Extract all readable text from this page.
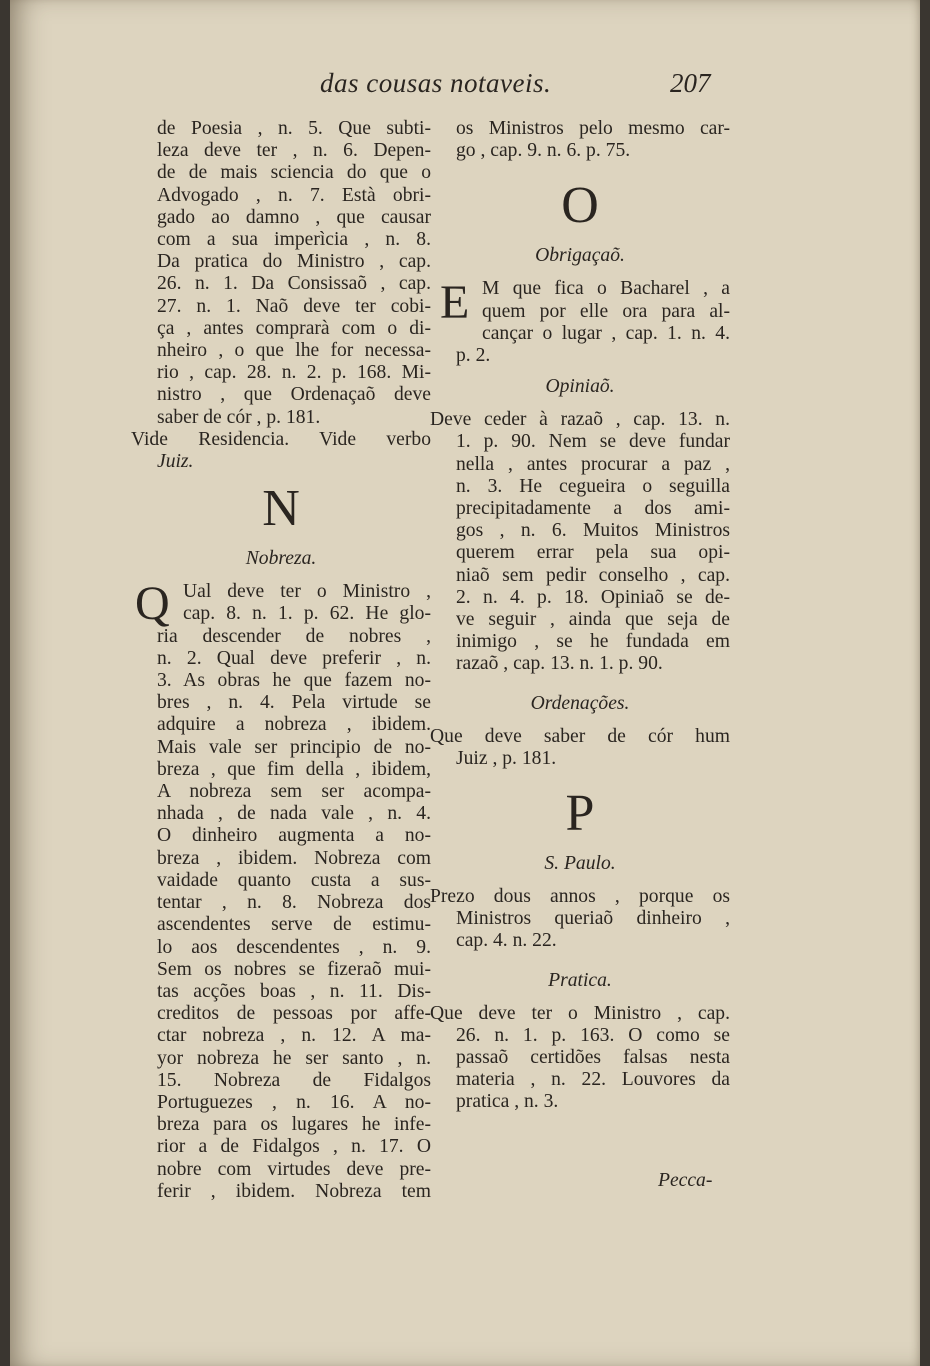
das cousas notaveis.	207
de Poesia , n. 5. Que subti-
leza deve ter , n. 6. Depen-
de de mais sciencia do que o
Advogado , n. 7. Està obri-
gado ao damno , que causar
com a sua imperìcia , n. 8.
Da pratica do Ministro , cap.
26. n. 1. Da Consissaõ , cap.
27. n. 1. Naõ deve ter cobi-
ça , antes comprarà com o di-
nheiro , o que lhe for necessa-
rio , cap. 28. n. 2. p. 168. Mi-
nistro , que Ordenaçaõ deve
saber de cór , p. 181.
Vide Residencia. Vide verbo
Juiz.
N
Nobreza.
Q Ual deve ter o Ministro ,
cap. 8. n. 1. p. 62. He glo-
ria descender de nobres ,
n. 2. Qual deve preferir , n.
3. As obras he que fazem no-
bres , n. 4. Pela virtude se
adquire a nobreza , ibidem.
Mais vale ser principio de no-
breza , que fim della , ibidem,
A nobreza sem ser acompa-
nhada , de nada vale , n. 4.
O dinheiro augmenta a no-
breza , ibidem. Nobreza com
vaidade quanto custa a sus-
tentar , n. 8. Nobreza dos
ascendentes serve de estimu-
lo aos descendentes , n. 9.
Sem os nobres se fizeraõ mui-
tas acções boas , n. 11. Dis-
creditos de pessoas por affe-
ctar nobreza , n. 12. A ma-
yor nobreza he ser santo , n.
15. Nobreza de Fidalgos
Portuguezes , n. 16. A no-
breza para os lugares he infe-
rior a de Fidalgos , n. 17. O
nobre com virtudes deve pre-
ferir , ibidem. Nobreza tem
os Ministros pelo mesmo car-
go , cap. 9. n. 6. p. 75.
O
Obrigaçaõ.
E M que fica o Bacharel , a
quem por elle ora para al-
cançar o lugar , cap. 1. n. 4.
p. 2.
Opiniaõ.
Deve ceder à razaõ , cap. 13. n.
1. p. 90. Nem se deve fundar
nella , antes procurar a paz ,
n. 3. He cegueira o seguilla
precipitadamente a dos ami-
gos , n. 6. Muitos Ministros
querem errar pela sua opi-
niaõ sem pedir conselho , cap.
2. n. 4. p. 18. Opiniaõ se de-
ve seguir , ainda que seja de
inimigo , se he fundada em
razaõ , cap. 13. n. 1. p. 90.
Ordenações.
Que deve saber de cór hum
Juiz , p. 181.
P
S. Paulo.
Prezo dous annos , porque os
Ministros queriaõ dinheiro ,
cap. 4. n. 22.
Pratica.
Que deve ter o Ministro , cap.
26. n. 1. p. 163. O como se
passaõ certidões falsas nesta
materia , n. 22. Louvores da
pratica , n. 3.
Pecca-
